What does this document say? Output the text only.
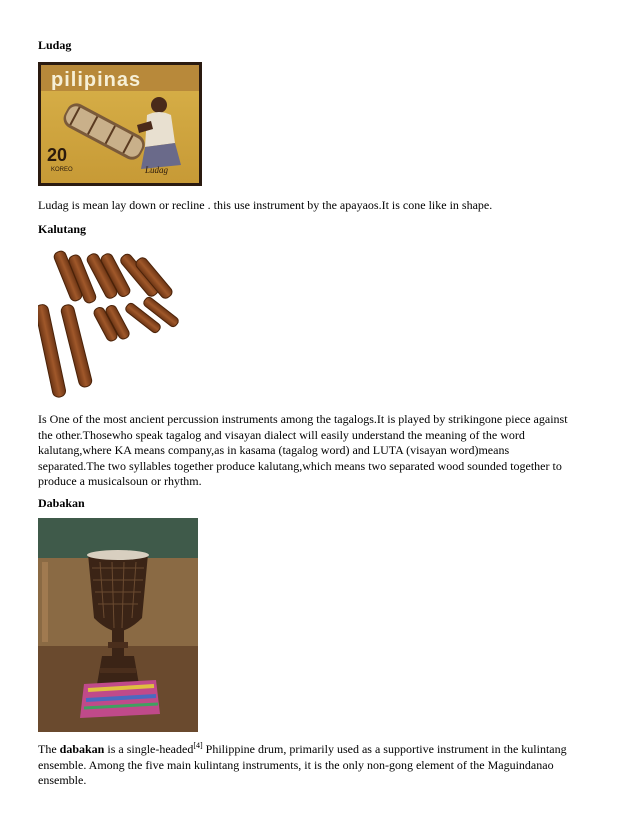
Ludag
pilipinas
20
KOREO	Ludag
Ludag is mean lay down or recline . this use instrument by the apayaos.It is cone like in shape.
Kalutang
Is One of the most ancient percussion instruments among the tagalogs.It is played by strikingone piece against
the other.Thosewho speak tagalog and visayan dialect will easily understand the meaning of the word
kalutang,where KA means company,as in kasama (tagalog word) and LUTA (visayan word)means
separated.The two syllables together produce kalutang,which means two separated wood sounded together to
produce a musicalsoun or rhythm.
Dabakan
The dabakan is a single-headed[4] Philippine drum, primarily used as a supportive instrument in the kulintang
ensemble. Among the five main kulintang instruments, it is the only non-gong element of the Maguindanao
ensemble.
